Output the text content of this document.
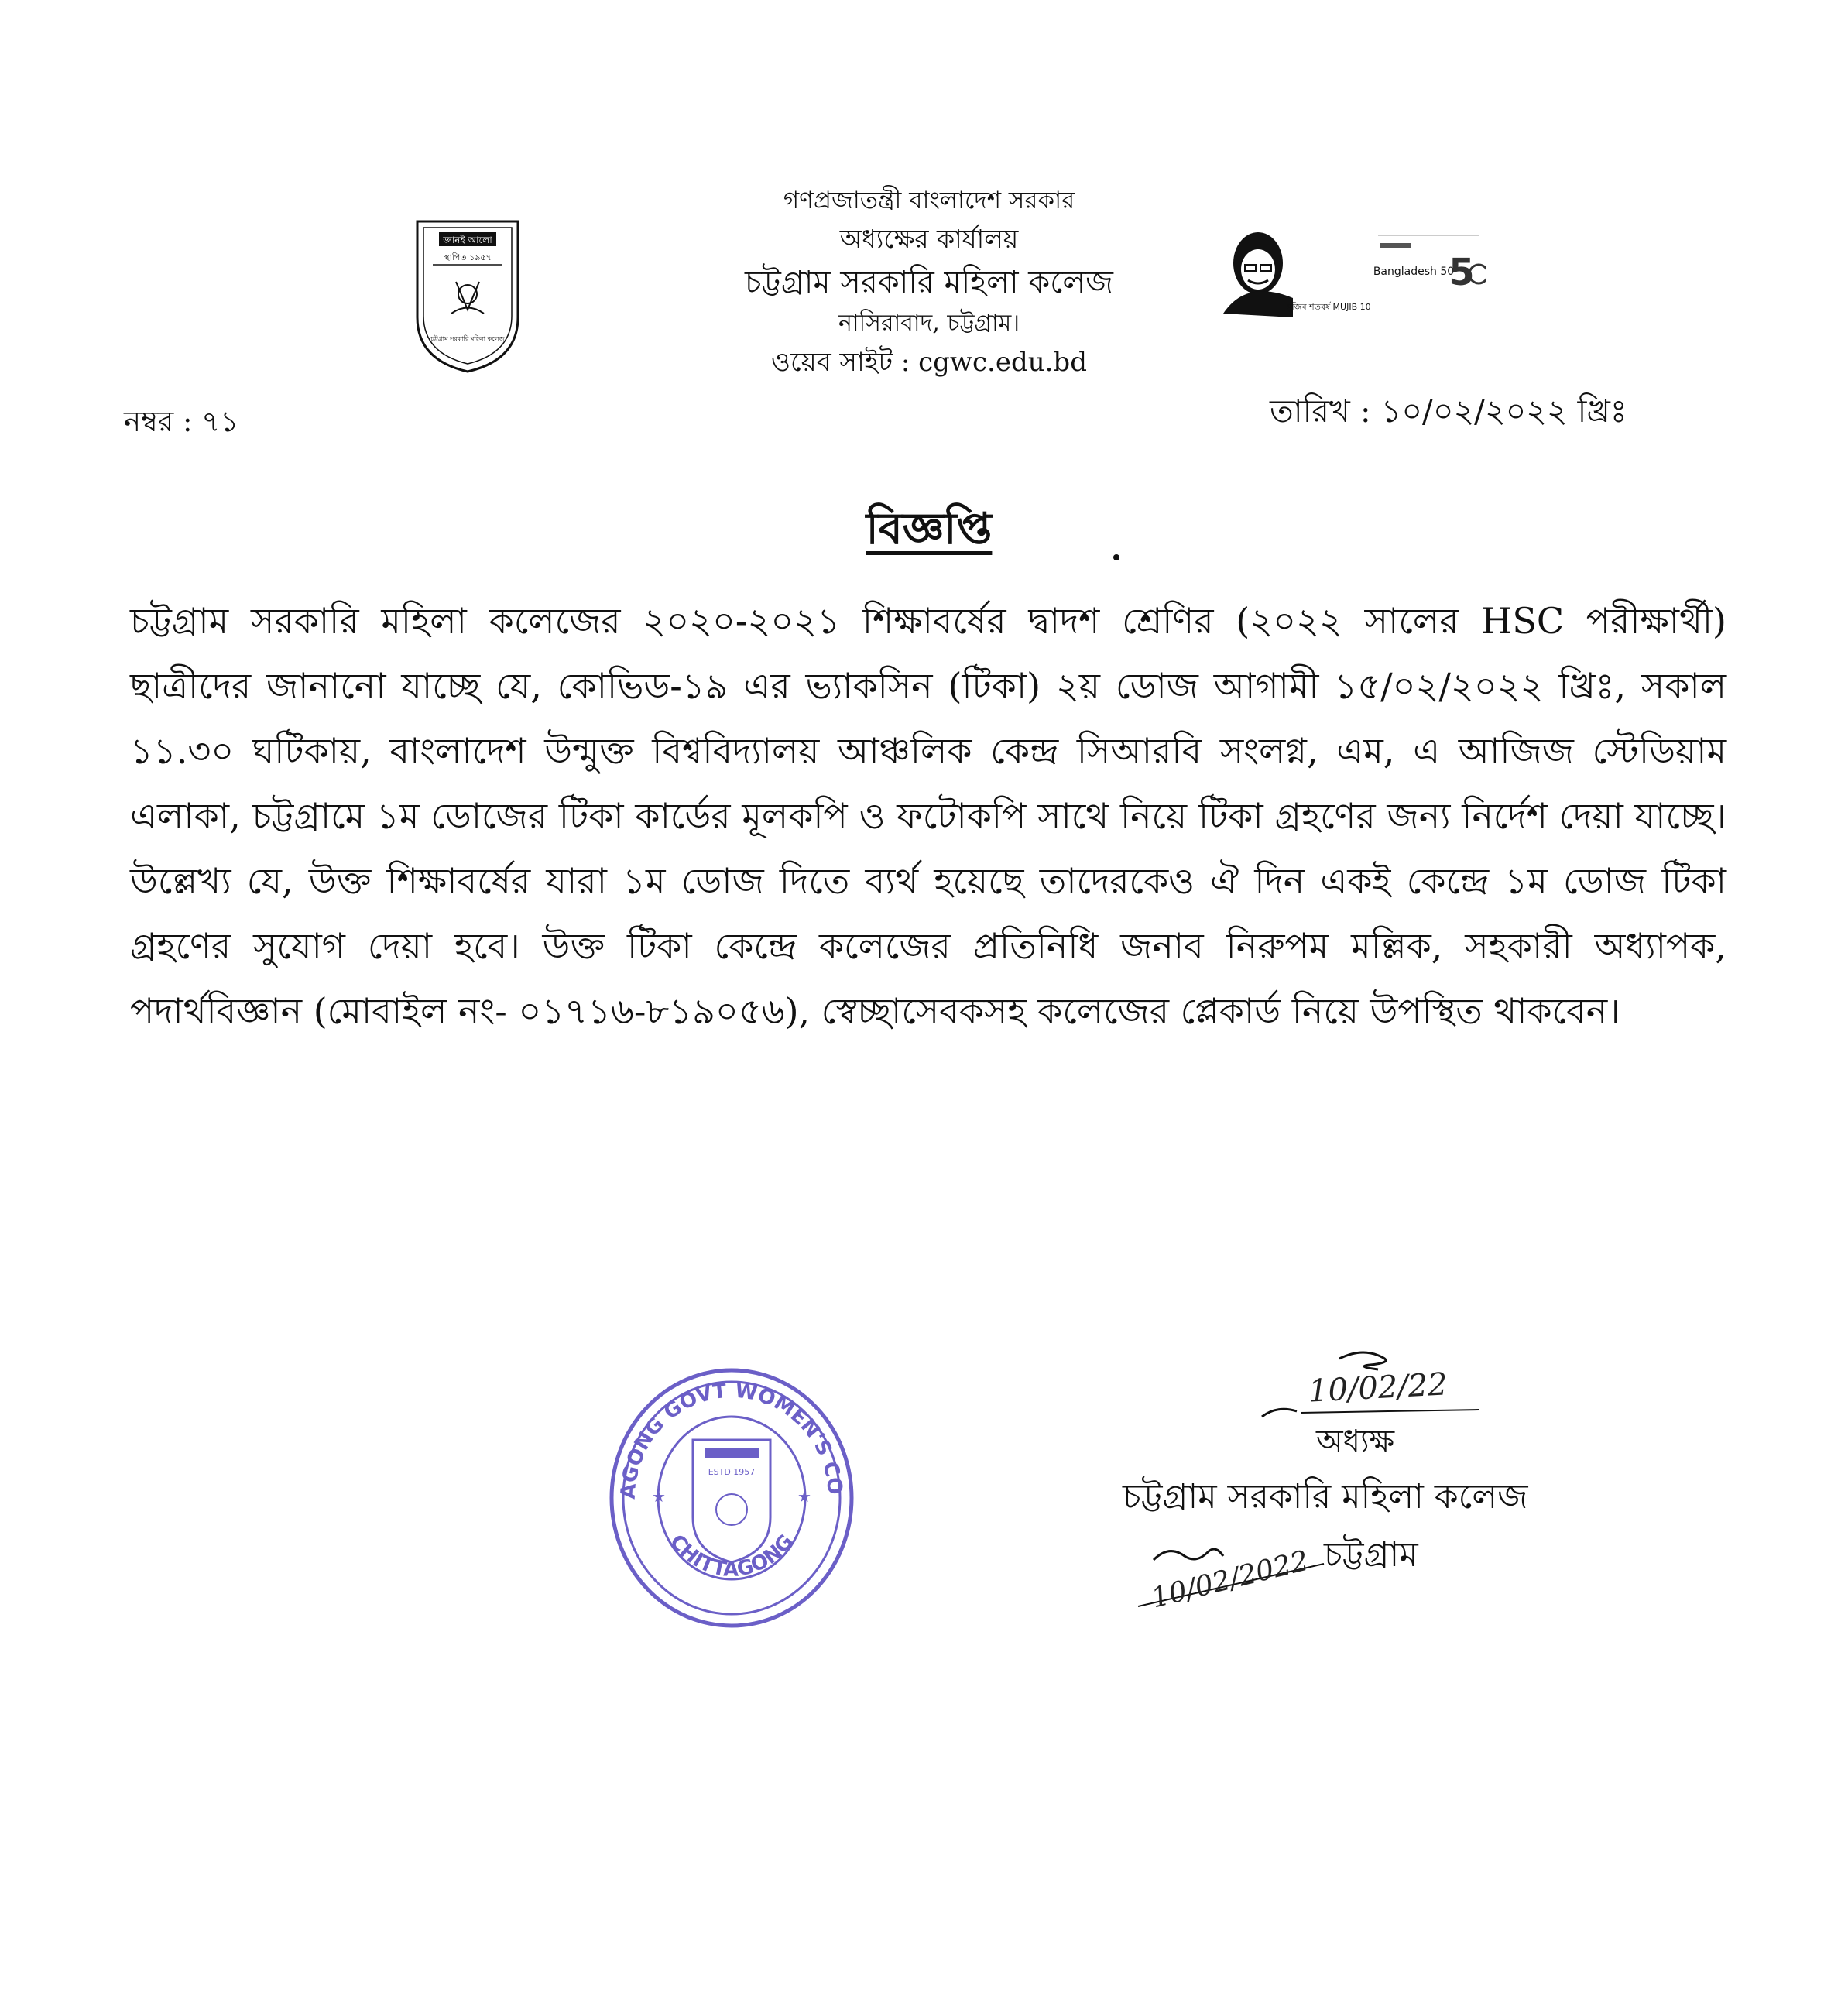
জ্ঞানই আলো
স্থাপিত ১৯৫৭
চট্টগ্রাম সরকারি মহিলা কলেজ
গণপ্রজাতন্ত্রী বাংলাদেশ সরকার
অধ্যক্ষের কার্যালয়
চট্টগ্রাম সরকারি মহিলা কলেজ
নাসিরাবাদ, চট্টগ্রাম।
ওয়েব সাইট : cgwc.edu.bd
মুজিব শতবর্ষ MUJIB 100
Bangladesh 50
5
নম্বর : ৭১	তারিখ : ১০/০২/২০২২ খ্রিঃ
বিজ্ঞপ্তি
চট্টগ্রাম সরকারি মহিলা কলেজের ২০২০-২০২১ শিক্ষাবর্ষের দ্বাদশ শ্রেণির (২০২২ সালের HSC পরীক্ষার্থী) ছাত্রীদের জানানো যাচ্ছে যে, কোভিড-১৯ এর ভ্যাকসিন (টিকা) ২য় ডোজ আগামী ১৫/০২/২০২২ খ্রিঃ, সকাল ১১.৩০ ঘটিকায়, বাংলাদেশ উন্মুক্ত বিশ্ববিদ্যালয় আঞ্চলিক কেন্দ্র সিআরবি সংলগ্ন, এম, এ আজিজ স্টেডিয়াম এলাকা, চট্টগ্রামে ১ম ডোজের টিকা কার্ডের মূলকপি ও ফটোকপি সাথে নিয়ে টিকা গ্রহণের জন্য নির্দেশ দেয়া যাচ্ছে। উল্লেখ্য যে, উক্ত শিক্ষাবর্ষের যারা ১ম ডোজ দিতে ব্যর্থ হয়েছে তাদেরকেও ঐ দিন একই কেন্দ্রে ১ম ডোজ টিকা গ্রহণের সুযোগ দেয়া হবে। উক্ত টিকা কেন্দ্রে কলেজের প্রতিনিধি জনাব নিরুপম মল্লিক, সহকারী অধ্যাপক, পদার্থবিজ্ঞান (মোবাইল নং- ০১৭১৬-৮১৯০৫৬), স্বেচ্ছাসেবকসহ কলেজের প্লেকার্ড নিয়ে উপস্থিত থাকবেন।
AGONG GOVT WOMEN'S CO
CHITTAGONG
ESTD 1957
★	★
10/02/22
অধ্যক্ষ
চট্টগ্রাম সরকারি মহিলা কলেজ
10/02/2022 চট্টগ্রাম
